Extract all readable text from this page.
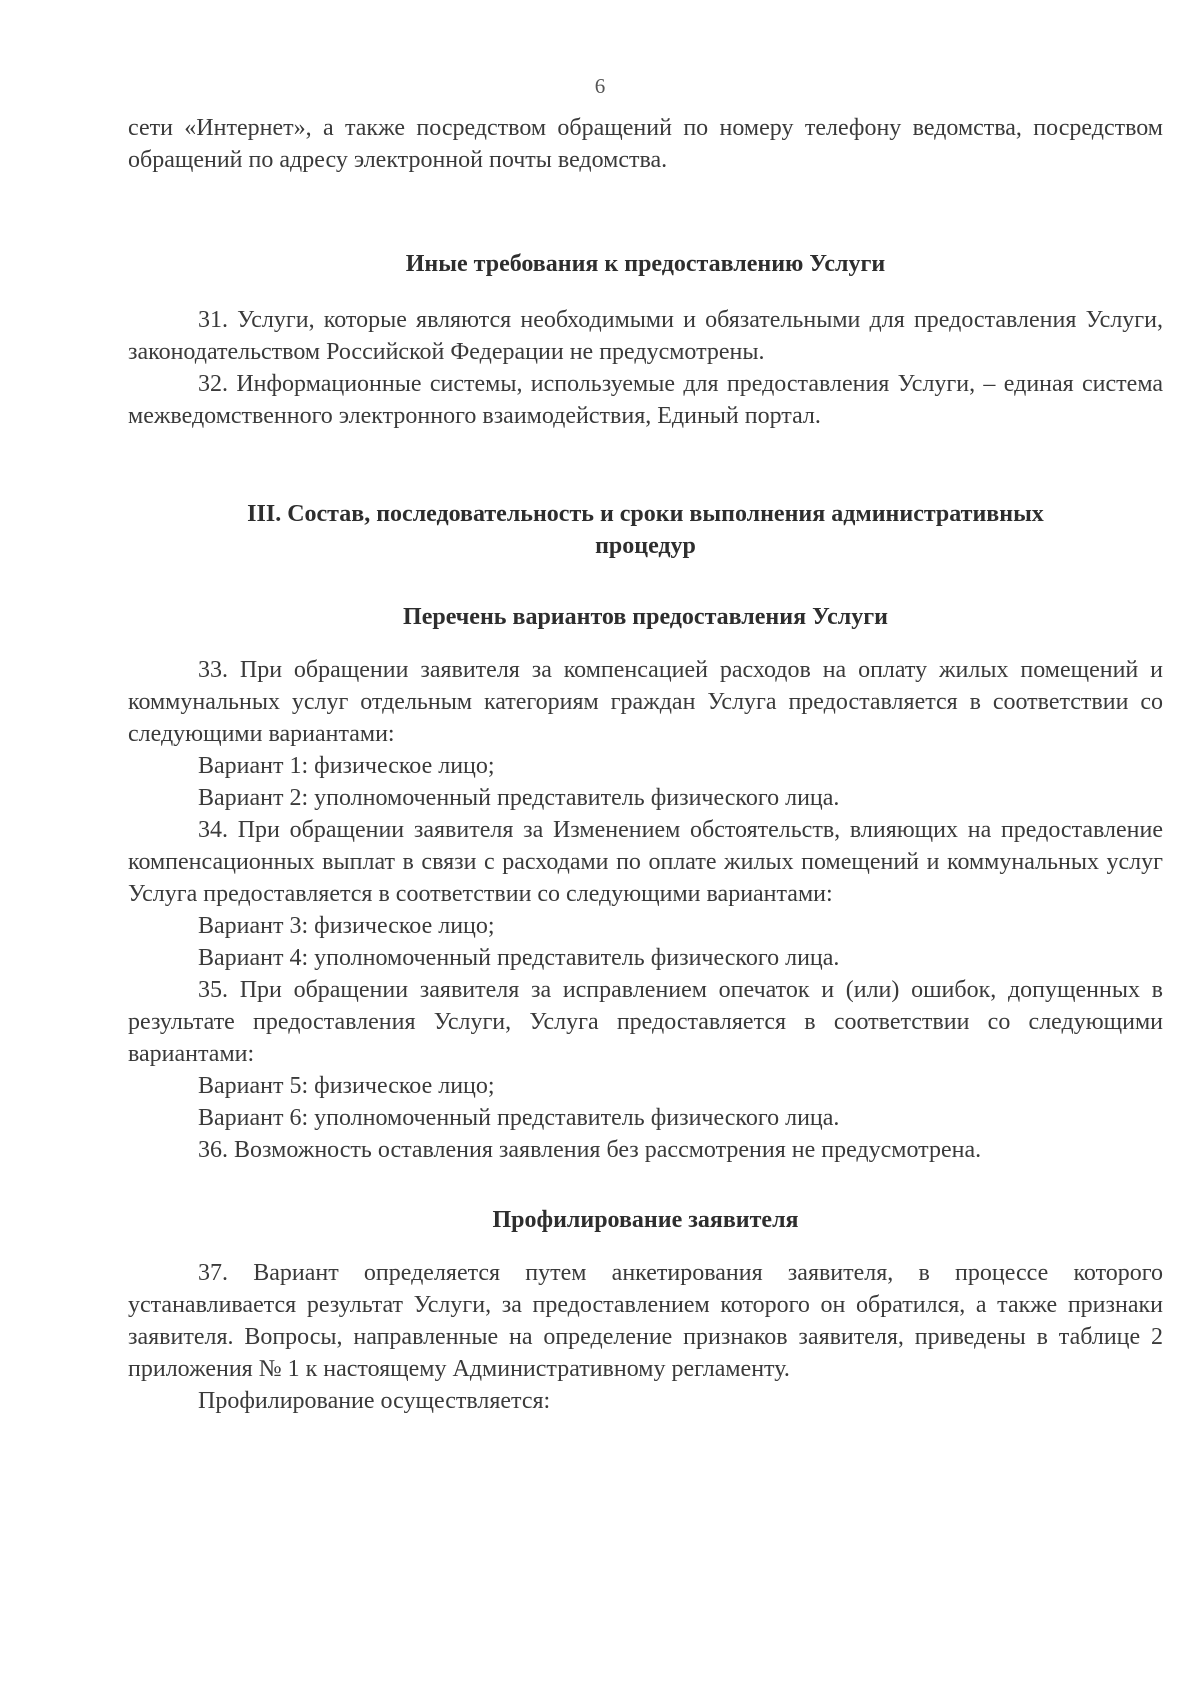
6

сети «Интернет», а также посредством обращений по номеру телефону ведомства, посредством обращений по адресу электронной почты ведомства.

Иные требования к предоставлению Услуги

31. Услуги, которые являются необходимыми и обязательными для предоставления Услуги, законодательством Российской Федерации не предусмотрены.

32. Информационные системы, используемые для предоставления Услуги, – единая система межведомственного электронного взаимодействия, Единый портал.

III. Состав, последовательность и сроки выполнения административных
процедур
Перечень вариантов предоставления Услуги

33. При обращении заявителя за компенсацией расходов на оплату жилых помещений и коммунальных услуг отдельным категориям граждан Услуга предоставляется в соответствии со следующими вариантами:

Вариант 1: физическое лицо;

Вариант 2: уполномоченный представитель физического лица.

34. При обращении заявителя за Изменением обстоятельств, влияющих на предоставление компенсационных выплат в связи с расходами по оплате жилых помещений и коммунальных услуг Услуга предоставляется в соответствии со следующими вариантами:

Вариант 3: физическое лицо;

Вариант 4: уполномоченный представитель физического лица.

35. При обращении заявителя за исправлением опечаток и (или) ошибок, допущенных в результате предоставления Услуги, Услуга предоставляется в соответствии со следующими вариантами:

Вариант 5: физическое лицо;

Вариант 6: уполномоченный представитель физического лица.

36. Возможность оставления заявления без рассмотрения не предусмотрена.

Профилирование заявителя

37. Вариант определяется путем анкетирования заявителя, в процессе которого устанавливается результат Услуги, за предоставлением которого он обратился, а также признаки заявителя. Вопросы, направленные на определение признаков заявителя, приведены в таблице 2 приложения № 1 к настоящему Административному регламенту.

Профилирование осуществляется:
